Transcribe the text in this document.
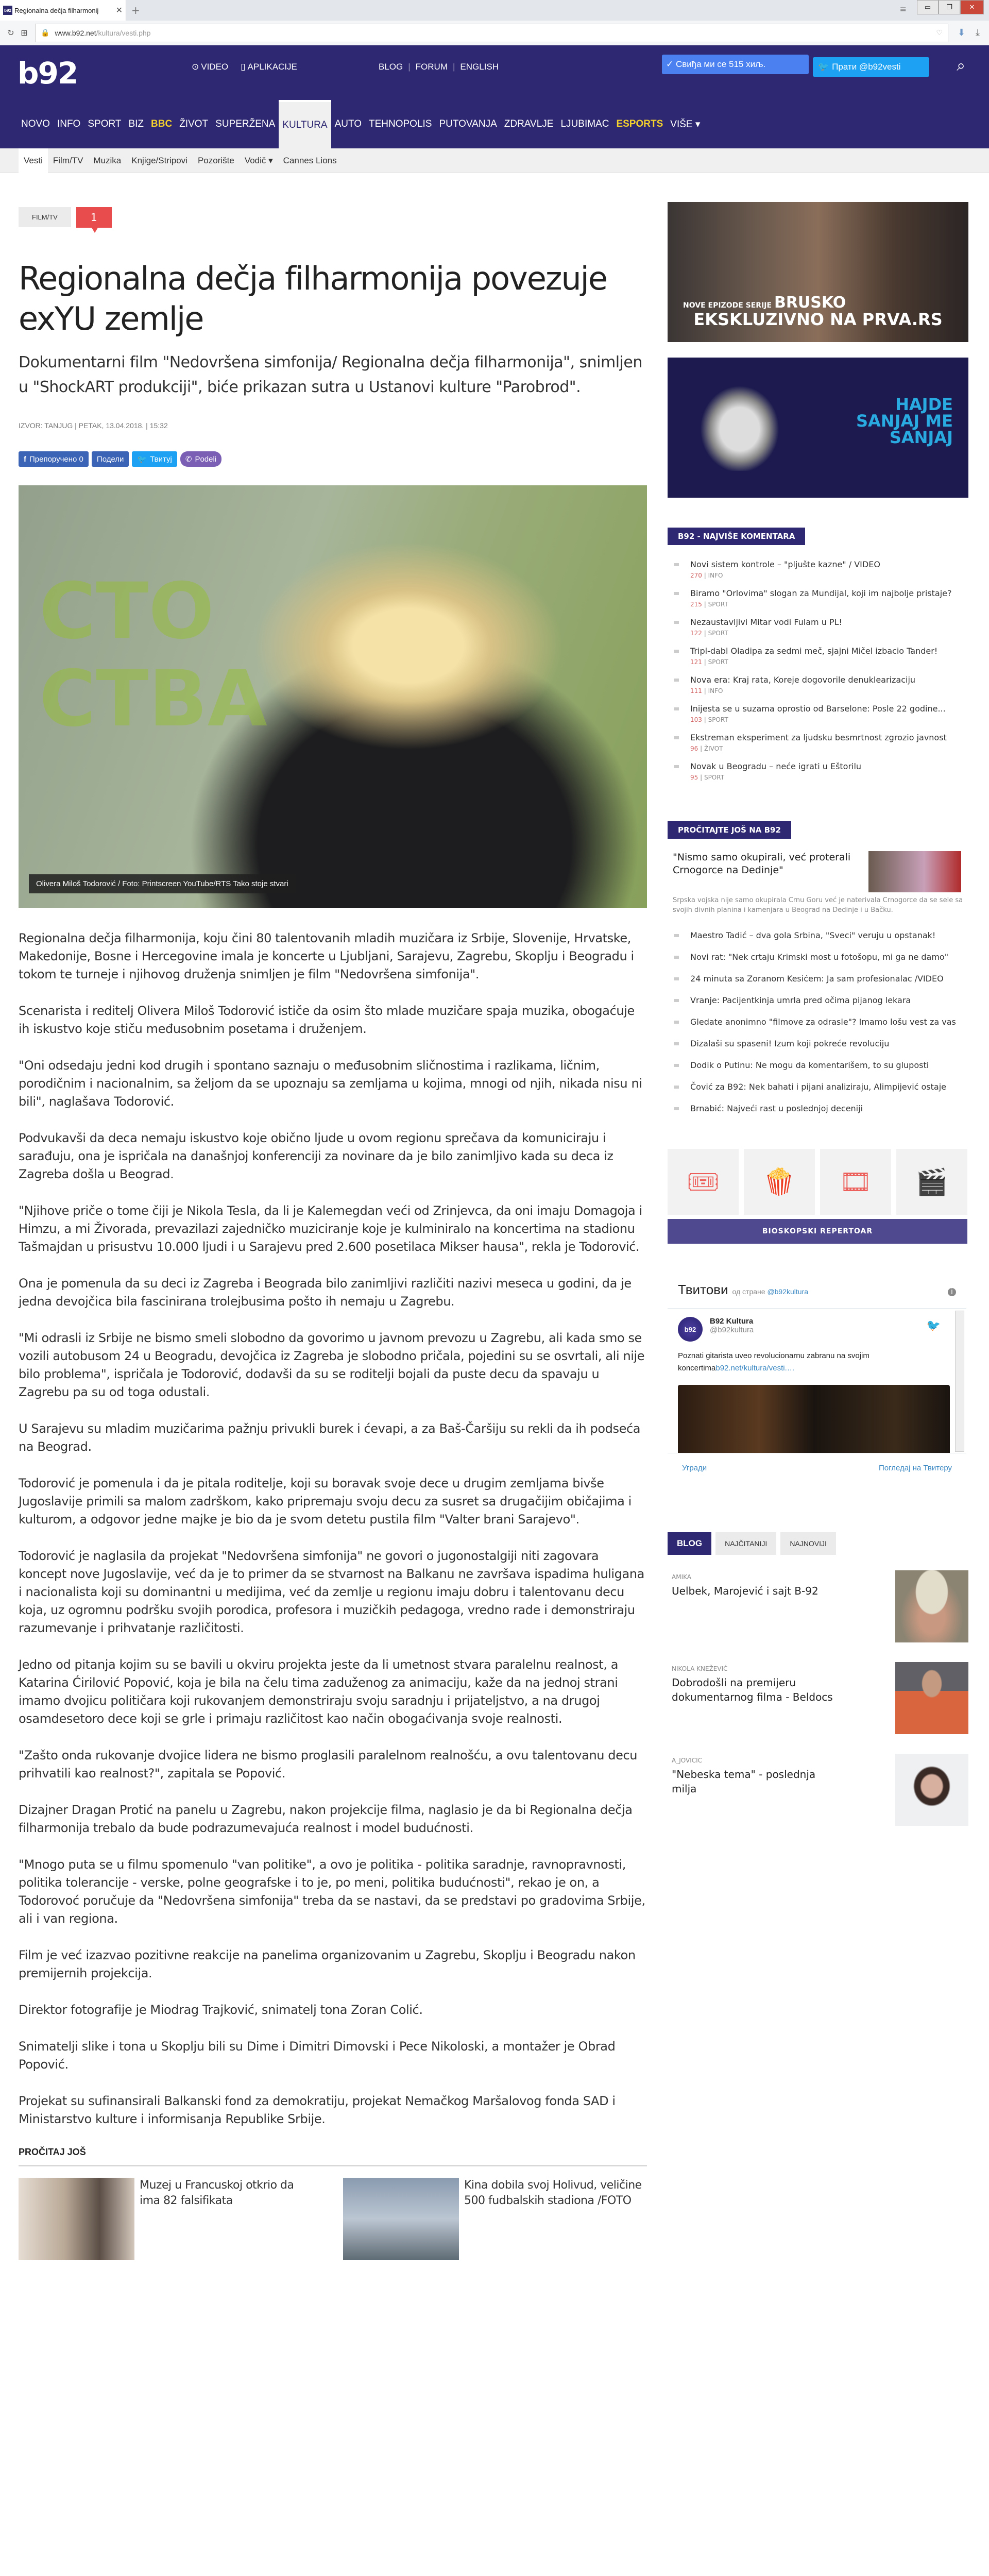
b92 Regionalna dečja filharmonij	✕ +	≡	▭	❐	✕
↻ ⊞	🔒 www.b92.net /kultura/vesti.php	♡ ⬇ ⤓
b92	⊙ VIDEO ▯ APLIKACIJE	BLOG | FORUM | ENGLISH	✓ Свиђа ми се 515 хиљ.	🐦 Прати @b92vesti	⌕
NOVO INFO SPORT BIZ BBC ŽIVOT SUPERŽENA KULTURA AUTO TEHNOPOLIS PUTOVANJA ZDRAVLJE LJUBIMAC ESPORTS VIŠE ▾
Vesti	Film/TV	Muzika	Knjige/Stripovi	Pozorište	Vodič ▾	Cannes Lions
FILM/TV	1
Regionalna dečja filharmonija povezuje exYU zemlje

Dokumentarni film "Nedovršena simfonija/ Regionalna dečja filharmonija", snimljen u "ShockART produkciji", biće prikazan sutra u Ustanovi kulture "Parobrod".

IZVOR: TANJUG | PETAK, 13.04.2018. | 15:32
f Препоручено 0	Подели	🐦 Твитуј ✆ Podeli
СТО
СТВА
Olivera Miloš Todorović / Foto: Printscreen YouTube/RTS Tako stoje stvari

Regionalna dečja filharmonija, koju čini 80 talentovanih mladih muzičara iz Srbije, Slovenije, Hrvatske, Makedonije, Bosne i Hercegovine imala je koncerte u Ljubljani, Sarajevu, Zagrebu, Skoplju i Beogradu i tokom te turneje i njihovog druženja snimljen je film "Nedovršena simfonija".

Scenarista i reditelj Olivera Miloš Todorović ističe da osim što mlade muzičare spaja muzika, obogaćuje ih iskustvo koje stiču međusobnim posetama i druženjem.

"Oni odsedaju jedni kod drugih i spontano saznaju o međusobnim sličnostima i razlikama, ličnim, porodičnim i nacionalnim, sa željom da se upoznaju sa zemljama u kojima, mnogi od njih, nikada nisu ni bili", naglašava Todorović.

Podvukavši da deca nemaju iskustvo koje obično ljude u ovom regionu sprečava da komuniciraju i sarađuju, ona je ispričala na današnjoj konferenciji za novinare da je bilo zanimljivo kada su deca iz Zagreba došla u Beograd.

"Njihove priče o tome čiji je Nikola Tesla, da li je Kalemegdan veći od Zrinjevca, da oni imaju Domagoja i Himzu, a mi Živorada, prevazilazi zajedničko muziciranje koje je kulminiralo na koncertima na stadionu Tašmajdan u prisustvu 10.000 ljudi i u Sarajevu pred 2.600 posetilaca Mikser hausa", rekla je Todorović.

Ona je pomenula da su deci iz Zagreba i Beograda bilo zanimljivi različiti nazivi meseca u godini, da je jedna devojčica bila fascinirana trolejbusima pošto ih nemaju u Zagrebu.

"Mi odrasli iz Srbije ne bismo smeli slobodno da govorimo u javnom prevozu u Zagrebu, ali kada smo se vozili autobusom 24 u Beogradu, devojčica iz Zagreba je slobodno pričala, pojedini su se osvrtali, ali nije bilo problema", ispričala je Todorović, dodavši da su se roditelji bojali da puste decu da spavaju u Zagrebu pa su od toga odustali.

U Sarajevu su mladim muzičarima pažnju privukli burek i ćevapi, a za Baš-Čaršiju su rekli da ih podseća na Beograd.

Todorović je pomenula i da je pitala roditelje, koji su boravak svoje dece u drugim zemljama bivše Jugoslavije primili sa malom zadrškom, kako pripremaju svoju decu za susret sa drugačijim običajima i kulturom, a odgovor jedne majke je bio da je svom detetu pustila film "Valter brani Sarajevo".

Todorović je naglasila da projekat "Nedovršena simfonija" ne govori o jugonostalgiji niti zagovara koncept nove Jugoslavije, već da je to primer da se stvarnost na Balkanu ne završava ispadima huligana i nacionalista koji su dominantni u medijima, već da zemlje u regionu imaju dobru i talentovanu decu koja, uz ogromnu podršku svojih porodica, profesora i muzičkih pedagoga, vredno rade i demonstriraju razumevanje i prihvatanje različitosti.

Jedno od pitanja kojim su se bavili u okviru projekta jeste da li umetnost stvara paralelnu realnost, a Katarina Ćirilović Popović, koja je bila na čelu tima zaduženog za animaciju, kaže da na jednoj strani imamo dvojicu političara koji rukovanjem demonstriraju svoju saradnju i prijateljstvo, a na drugoj osamdesetoro dece koji se grle i primaju različitost kao način obogaćivanja svoje realnosti.

"Zašto onda rukovanje dvojice lidera ne bismo proglasili paralelnom realnošću, a ovu talentovanu decu prihvatili kao realnost?", zapitala se Popović.

Dizajner Dragan Protić na panelu u Zagrebu, nakon projekcije filma, naglasio je da bi Regionalna dečja filharmonija trebalo da bude podrazumevajuća realnost i model budućnosti.

"Mnogo puta se u filmu spomenulo "van politike", a ovo je politika - politika saradnje, ravnopravnosti, politika tolerancije - verske, polne geografske i to je, po meni, politika budućnosti", rekao je on, a Todorovoć poručuje da "Nedovršena simfonija" treba da se nastavi, da se predstavi po gradovima Srbije, ali i van regiona.

Film je već izazvao pozitivne reakcije na panelima organizovanim u Zagrebu, Skoplju i Beogradu nakon premijernih projekcija.

Direktor fotografije je Miodrag Trajković, snimatelj tona Zoran Colić.

Snimatelji slike i tona u Skoplju bili su Dime i Dimitri Dimovski i Pece Nikoloski, a montažer je Obrad Popović.

Projekat su sufinansirali Balkanski fond za demokratiju, projekat Nemačkog Maršalovog fonda SAD i Ministarstvo kulture i informisanja Republike Srbije.

PROČITAJ JOŠ
Muzej u Francuskoj otkrio da ima 82 falsifikata
Kina dobila svoj Holivud, veličine 500 fudbalskih stadiona /FOTO
NOVE EPIZODE SERIJE BRUSKO
EKSKLUZIVNO NA PRVA.RS
HAJDE SANJAJ ME SANJAJ
B92 - NAJVIŠE KOMENTARA
Novi sistem kontrole – "pljušte kazne" / VIDEO
270 | INFO
Biramo "Orlovima" slogan za Mundijal, koji im najbolje pristaje?
215 | SPORT
Nezaustavljivi Mitar vodi Fulam u PL!
122 | SPORT
Tripl-dabl Oladipa za sedmi meč, sjajni Mičel izbacio Tander!
121 | SPORT
Nova era: Kraj rata, Koreje dogovorile denuklearizaciju
111 | INFO
Inijesta se u suzama oprostio od Barselone: Posle 22 godine...
103 | SPORT
Ekstreman eksperiment za ljudsku besmrtnost zgrozio javnost
96 | ŽIVOT
Novak u Beogradu – neće igrati u Eštorilu
95 | SPORT
PROČITAJTE JOŠ NA B92
"Nismo samo okupirali, već proterali Crnogorce na Dedinje"
Srpska vojska nije samo okupirala Crnu Goru već je naterivala Crnogorce da se sele sa svojih divnih planina i kamenjara u Beograd na Dedinje i u Bačku.
Maestro Tadić – dva gola Srbina, "Sveci" veruju u opstanak!
Novi rat: "Nek crtaju Krimski most u fotošopu, mi ga ne damo"
24 minuta sa Zoranom Kesićem: Ja sam profesionalac /VIDEO
Vranje: Pacijentkinja umrla pred očima pijanog lekara
Gledate anonimno "filmove za odrasle"? Imamo lošu vest za vas
Dizalaši su spaseni! Izum koji pokreće revoluciju
Dodik o Putinu: Ne mogu da komentarišem, to su gluposti
Čović za B92: Nek bahati i pijani analiziraju, Alimpijević ostaje
Brnabić: Najveći rast u poslednjoj deceniji
🎟	🍿	🎞	🎬
BIOSKOPSKI REPERTOAR
Твитови од стране @b92kultura	i
b92
B92 Kultura
@b92kultura	🐦
Poznati gitarista uveo revolucionarnu zabranu na svojim koncertimab92.net/kultura/vesti.…
Угради	Погледај на Твитеру
BLOG	NAJČITANIJI	NAJNOVIJI
AMIKA
Uelbek, Marojević i sajt B-92
NIKOLA KNEŽEVIĆ
Dobrodošli na premijeru dokumentarnog filma - Beldocs
A_JOVICIC
"Nebeska tema" - poslednja milja
